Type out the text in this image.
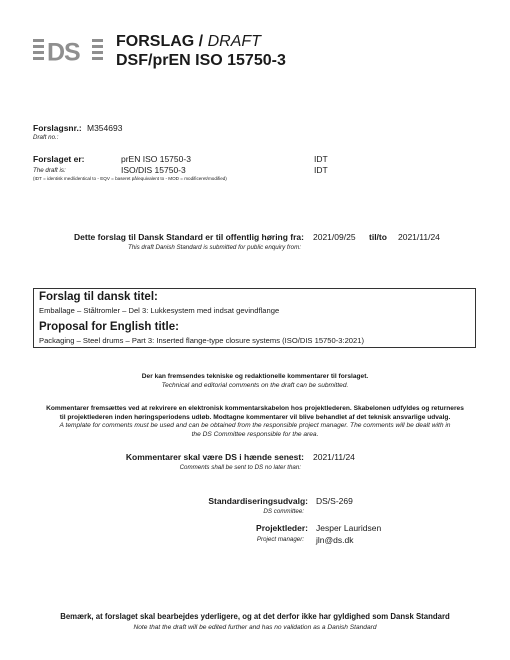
DS FORSLAG / DRAFT
DSF/prEN ISO 15750-3
Forslagsnr.: M354693
Draft no.:
Forslaget er:	prEN ISO 15750-3	IDT
The draft is:	ISO/DIS 15750-3	IDT
(IDT = identisk med/identical to - EQV = baseret på/equivalent to - MOD = modificeret/modified)
Dette forslag til Dansk Standard er til offentlig høring fra: 2021/09/25 til/to 2021/11/24
This draft Danish Standard is submitted for public enquiry from:
Forslag til dansk titel:
Emballage – Ståltromler – Del 3: Lukkesystem med indsat gevindflange
Proposal for English title:
Packaging – Steel drums – Part 3: Inserted flange-type closure systems (ISO/DIS 15750-3:2021)
Der kan fremsendes tekniske og redaktionelle kommentarer til forslaget.
Technical and editorial comments on the draft can be submitted.
Kommentarer fremsættes ved at rekvirere en elektronisk kommentarskabelon hos projektlederen. Skabelonen udfyldes og returneres
til projektlederen inden høringsperiodens udløb. Modtagne kommentarer vil blive behandlet af det teknisk ansvarlige udvalg.
A template for comments must be used and can be obtained from the responsible project manager. The comments will be dealt with in
the DS Committee responsible for the area.
Kommentarer skal være DS i hænde senest: 2021/11/24
Comments shall be sent to DS no later than:
Standardiseringsudvalg: DS/S-269
DS committee:
Projektleder: Jesper Lauridsen
Project manager: jln@ds.dk
Bemærk, at forslaget skal bearbejdes yderligere, og at det derfor ikke har gyldighed som Dansk Standard
Note that the draft will be edited further and has no validation as a Danish Standard
